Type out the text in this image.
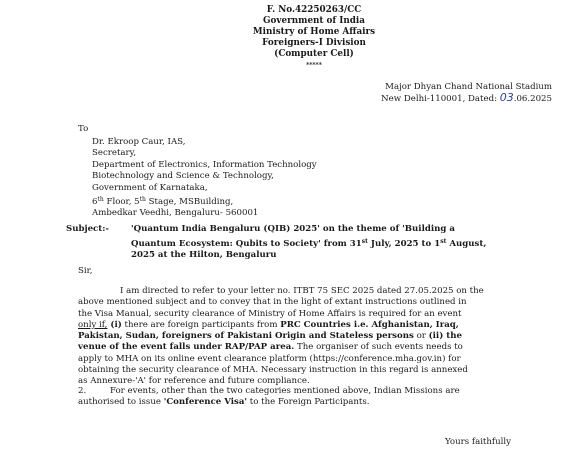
F. No.42250263/CC
Government of India
Ministry of Home Affairs
Foreigners-I Division
(Computer Cell)
*****
Major Dhyan Chand National Stadium
New Delhi-110001, Dated: 03.06.2025
To
Dr. Ekroop Caur, IAS,
Secretary,
Department of Electronics, Information Technology
Biotechnology and Science & Technology,
Government of Karnataka,
6th Floor, 5th Stage, MSBuilding,
Ambedkar Veedhi, Bengaluru- 560001
Subject:-	'Quantum India Bengaluru (QIB) 2025' on the theme of 'Building a
Quantum Ecosystem: Qubits to Society' from 31st July, 2025 to 1st August,
2025 at the Hilton, Bengaluru
Sir,
I am directed to refer to your letter no. ITBT 75 SEC 2025 dated 27.05.2025 on the
above mentioned subject and to convey that in the light of extant instructions outlined in
the Visa Manual, security clearance of Ministry of Home Affairs is required for an event
only if, (i) there are foreign participants from PRC Countries i.e. Afghanistan, Iraq,
Pakistan, Sudan, foreigners of Pakistani Origin and Stateless persons or (ii) the
venue of the event falls under RAP/PAP area. The organiser of such events needs to
apply to MHA on its online event clearance platform (https://conference.mha.gov.in) for
obtaining the security clearance of MHA. Necessary instruction in this regard is annexed
as Annexure-'A' for reference and future compliance.
2.	For events, other than the two categories mentioned above, Indian Missions are
authorised to issue 'Conference Visa' to the Foreign Participants.
Yours faithfully
